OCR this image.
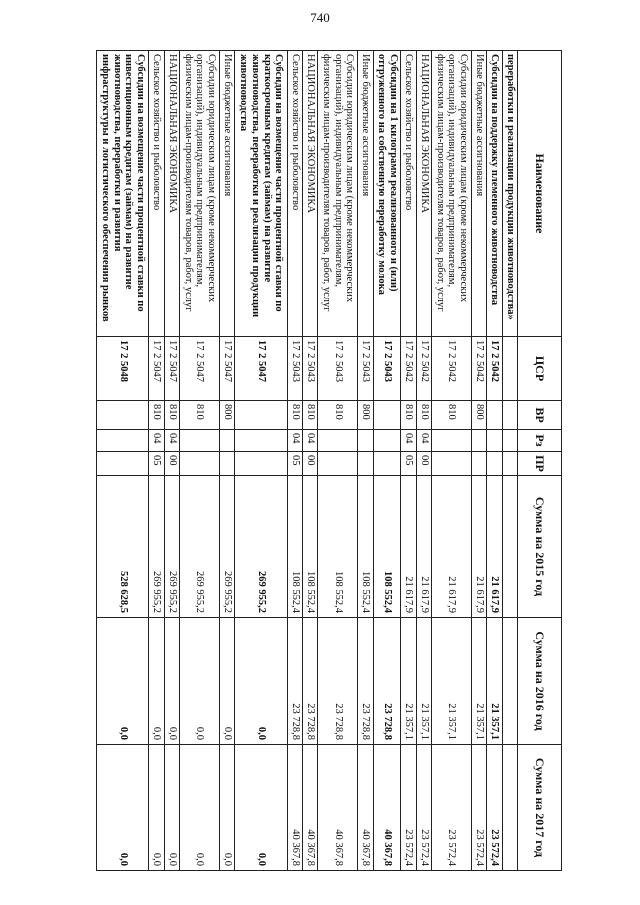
740
Наименование	ЦСР	ВР	Рз	ПР	Сумма на 2015 год	Сумма на 2016 год	Сумма на 2017 год
переработки и реализации продукции животноводства»							
Субсидии на поддержку племенного животноводства	17 2 5042				21 617,9	21 357,1	23 572,4
Иные бюджетные ассигнования	17 2 5042	800			21 617,9	21 357,1	23 572,4
Субсидии юридическим лицам (кроме некоммерческих организаций), индивидуальным предпринимателям, физическим лицам-производителям товаров, работ, услуг	17 2 5042	810			21 617,9	21 357,1	23 572,4
НАЦИОНАЛЬНАЯ ЭКОНОМИКА	17 2 5042	810	04	00	21 617,9	21 357,1	23 572,4
Сельское хозяйство и рыболовство	17 2 5042	810	04	05	21 617,9	21 357,1	23 572,4
Субсидии на 1 килограмм реализованного и (или) отгруженного на собственную переработку молока	17 2 5043				108 552,4	23 728,8	40 367,8
Иные бюджетные ассигнования	17 2 5043	800			108 552,4	23 728,8	40 367,8
Субсидии юридическим лицам (кроме некоммерческих организаций), индивидуальным предпринимателям, физическим лицам-производителям товаров, работ, услуг	17 2 5043	810			108 552,4	23 728,8	40 367,8
НАЦИОНАЛЬНАЯ ЭКОНОМИКА	17 2 5043	810	04	00	108 552,4	23 728,8	40 367,8
Сельское хозяйство и рыболовство	17 2 5043	810	04	05	108 552,4	23 728,8	40 367,8
Субсидии на возмещение части процентной ставки по краткосрочным кредитам (займам) на развитие животноводства, переработки и реализации продукции животноводства	17 2 5047				269 955,2	0,0	0,0
Иные бюджетные ассигнования	17 2 5047	800			269 955,2	0,0	0,0
Субсидии юридическим лицам (кроме некоммерческих организаций), индивидуальным предпринимателям, физическим лицам-производителям товаров, работ, услуг	17 2 5047	810			269 955,2	0,0	0,0
НАЦИОНАЛЬНАЯ ЭКОНОМИКА	17 2 5047	810	04	00	269 955,2	0,0	0,0
Сельское хозяйство и рыболовство	17 2 5047	810	04	05	269 955,2	0,0	0,0
Субсидии на возмещение части процентной ставки по инвестиционным кредитам (займам) на развитие животноводства, переработки и развития инфраструктуры и логистического обеспечения рынков	17 2 5048				528 628,5	0,0	0,0
